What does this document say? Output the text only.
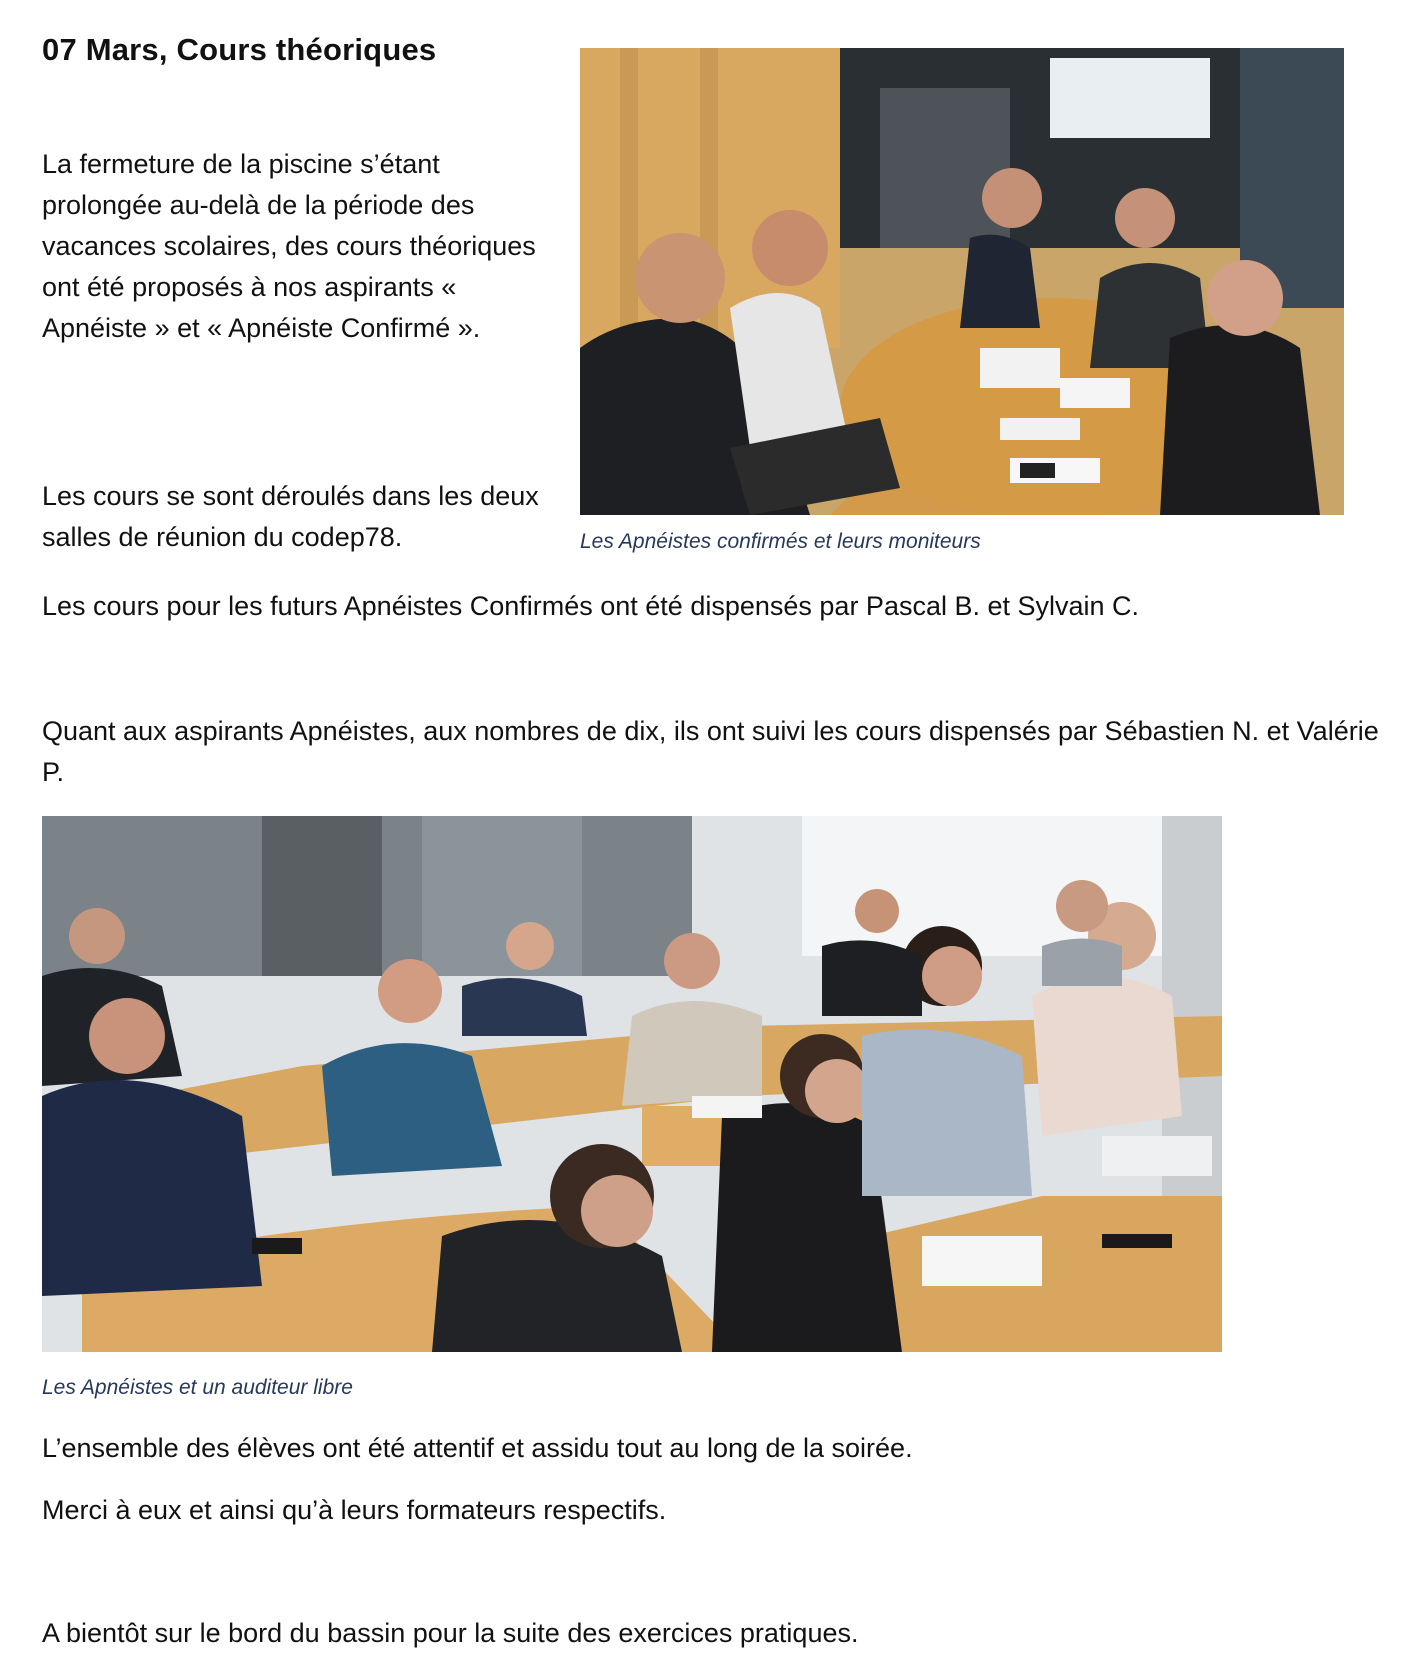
07 Mars, Cours théoriques

La fermeture de la piscine s’étant prolongée au-delà de la période des vacances scolaires, des cours théoriques ont été proposés à nos aspirants « Apnéiste » et « Apnéiste Confirmé ».

Les cours se sont déroulés dans les deux salles de réunion du codep78.	Les Apnéistes confirmés et leurs moniteurs

Les cours pour les futurs Apnéistes Confirmés ont été dispensés par Pascal B. et Sylvain C.

Quant aux aspirants Apnéistes, aux nombres de dix, ils ont suivi les cours dispensés par Sébastien N. et Valérie P.

Les Apnéistes et un auditeur libre

L’ensemble des élèves ont été attentif et assidu tout au long de la soirée.

Merci à eux et ainsi qu’à leurs formateurs respectifs.

A bientôt sur le bord du bassin pour la suite des exercices pratiques.
